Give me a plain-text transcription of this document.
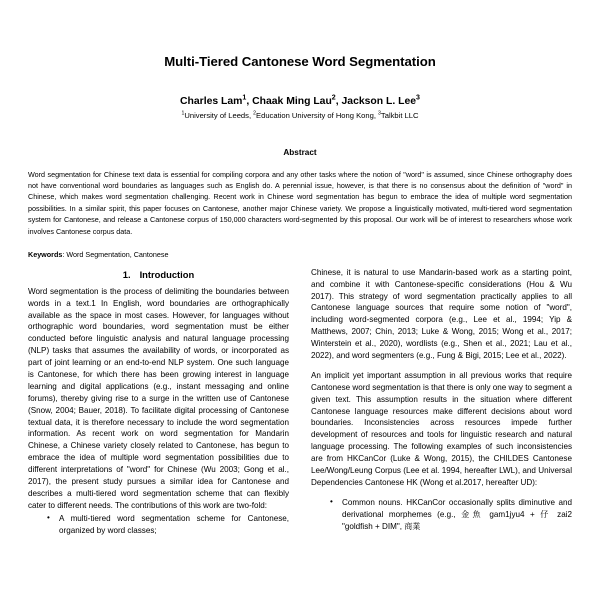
Multi-Tiered Cantonese Word Segmentation
Charles Lam$^1$, Chaak Ming Lau$^2$, Jackson L. Lee$^3$
$^1$University of Leeds, $^2$Education University of Hong Kong, $^3$Talkbit LLC
Abstract
Word segmentation for Chinese text data is essential for compiling corpora and any other tasks where the notion of "word" is assumed, since Chinese orthography does not have conventional word boundaries as languages such as English do. A perennial issue, however, is that there is no consensus about the definition of "word" in Chinese, which makes word segmentation challenging. Recent work in Chinese word segmentation has begun to embrace the idea of multiple word segmentation possibilities. In a similar spirit, this paper focuses on Cantonese, another major Chinese variety. We propose a linguistically motivated, multi-tiered word segmentation system for Cantonese, and release a Cantonese corpus of 150,000 characters word-segmented by this proposal. Our work will be of interest to researchers whose work involves Cantonese corpus data.
Keywords: Word Segmentation, Cantonese
1. Introduction

Word segmentation is the process of delimiting the boundaries between words in a text.1 In English, word boundaries are orthographically available as the space in most cases. However, for languages without orthographic word boundaries, word segmentation must be either conducted before linguistic analysis and natural language processing (NLP) tasks that assumes the availability of words, or incorporated as part of joint learning or an end-to-end NLP system. One such language is Cantonese, for which there has been growing interest in language learning and digital applications (e.g., instant messaging and online forums), thereby giving rise to a surge in the written use of Cantonese (Snow, 2004; Bauer, 2018). To facilitate digital processing of Cantonese textual data, it is therefore necessary to include the word segmentation information. As recent work on word segmentation for Mandarin Chinese, a Chinese variety closely related to Cantonese, has begun to embrace the idea of multiple word segmentation possibilities due to different interpretations of "word" for Chinese (Wu 2003; Gong et al., 2017), the present study pursues a similar idea for Cantonese and describes a multi-tiered word segmentation scheme that can flexibly cater to different needs. The contributions of this work are two-fold:

• A multi-tiered word segmentation scheme for Cantonese, organized by word classes;

Chinese, it is natural to use Mandarin-based work as a starting point, and combine it with Cantonese-specific considerations (Hou & Wu 2017). This strategy of word segmentation practically applies to all Cantonese language sources that require some notion of "word", including word-segmented corpora (e.g., Lee et al., 1994; Yip & Matthews, 2007; Chin, 2013; Luke & Wong, 2015; Wong et al., 2017; Winterstein et al., 2020), wordlists (e.g., Shen et al., 2021; Lau et al., 2022), and word segmenters (e.g., Fung & Bigi, 2015; Lee et al., 2022).

An implicit yet important assumption in all previous works that require Cantonese word segmentation is that there is only one way to segment a given text. This assumption results in the situation where different Cantonese language resources make different decisions about word boundaries. Inconsistencies across resources impede further development of resources and tools for linguistic research and natural language processing. The following examples of such inconsistencies are from HKCanCor (Luke & Wong, 2015), the CHILDES Cantonese Lee/Wong/Leung Corpus (Lee et al. 1994, hereafter LWL), and Universal Dependencies Cantonese HK (Wong et al.2017, hereafter UD):

• Common nouns. HKCanCor occasionally splits diminutive and derivational morphemes (e.g., 金魚 gam1jyu4 + 仔 zai2 "goldfish + DIM", 商業
